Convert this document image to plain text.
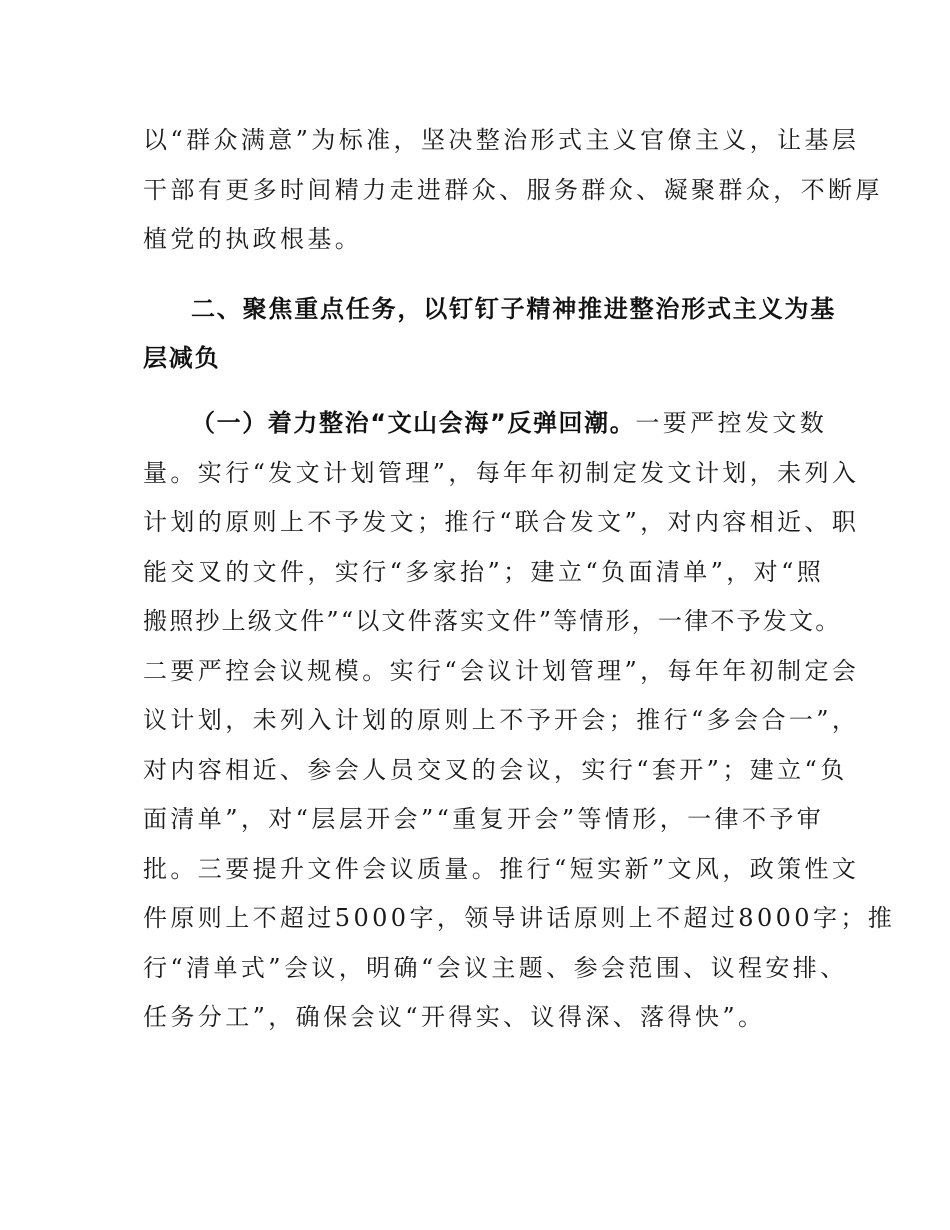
以“群众满意”为标准，坚决整治形式主义官僚主义，让基层
干部有更多时间精力走进群众、服务群众、凝聚群众，不断厚
植党的执政根基。
二、聚焦重点任务，以钉钉子精神推进整治形式主义为基
层减负
（一）着力整治“文山会海”反弹回潮。一要严控发文数
量。实行“发文计划管理”，每年年初制定发文计划，未列入
计划的原则上不予发文；推行“联合发文”，对内容相近、职
能交叉的文件，实行“多家抬”；建立“负面清单”，对“照
搬照抄上级文件”“以文件落实文件”等情形，一律不予发文。
二要严控会议规模。实行“会议计划管理”，每年年初制定会
议计划，未列入计划的原则上不予开会；推行“多会合一”，
对内容相近、参会人员交叉的会议，实行“套开”；建立“负
面清单”，对“层层开会”“重复开会”等情形，一律不予审
批。三要提升文件会议质量。推行“短实新”文风，政策性文
件原则上不超过5000字，领导讲话原则上不超过8000字；推
行“清单式”会议，明确“会议主题、参会范围、议程安排、
任务分工”，确保会议“开得实、议得深、落得快”。
